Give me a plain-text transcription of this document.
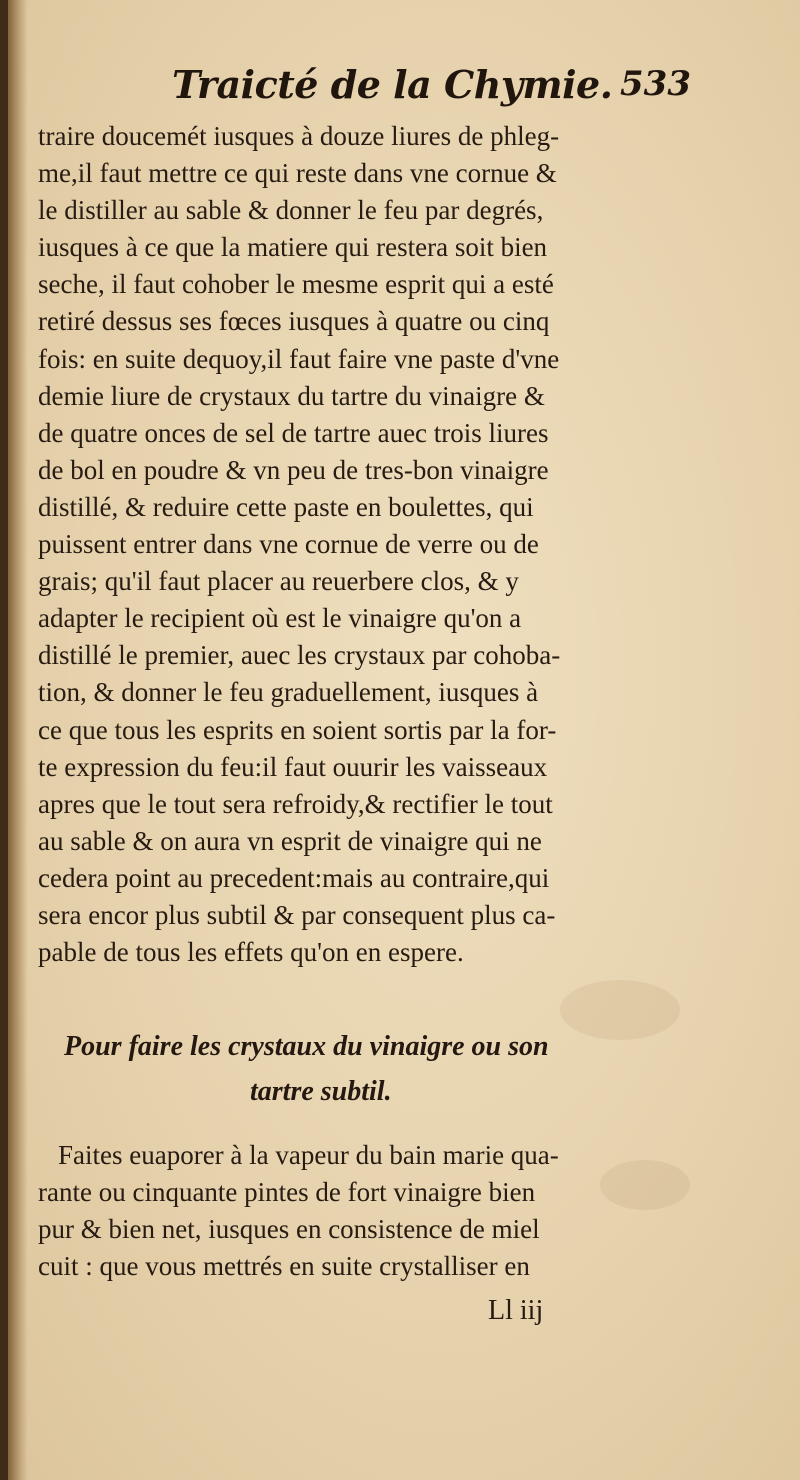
Traicté de la Chymie. 533
traire doucemét iusques à douze liures de phleg-
me,il faut mettre ce qui reste dans vne cornue &
le distiller au sable & donner le feu par degrés,
iusques à ce que la matiere qui restera soit bien
seche, il faut cohober le mesme esprit qui a esté
retiré dessus ses fœces iusques à quatre ou cinq
fois: en suite dequoy,il faut faire vne paste d'vne
demie liure de crystaux du tartre du vinaigre &
de quatre onces de sel de tartre auec trois liures
de bol en poudre & vn peu de tres-bon vinaigre
distillé, & reduire cette paste en boulettes, qui
puissent entrer dans vne cornue de verre ou de
grais; qu'il faut placer au reuerbere clos, & y
adapter le recipient où est le vinaigre qu'on a
distillé le premier, auec les crystaux par cohoba-
tion, & donner le feu graduellement, iusques à
ce que tous les esprits en soient sortis par la for-
te expression du feu:il faut ouurir les vaisseaux
apres que le tout sera refroidy,& rectifier le tout
au sable & on aura vn esprit de vinaigre qui ne
cedera point au precedent:mais au contraire,qui
sera encor plus subtil & par consequent plus ca-
pable de tous les effets qu'on en espere.
Pour faire les crystaux du vinaigre ou son
tartre subtil.
Faites euaporer à la vapeur du bain marie qua-
rante ou cinquante pintes de fort vinaigre bien
pur & bien net, iusques en consistence de miel
cuit : que vous mettrés en suite crystalliser en
Ll iij
